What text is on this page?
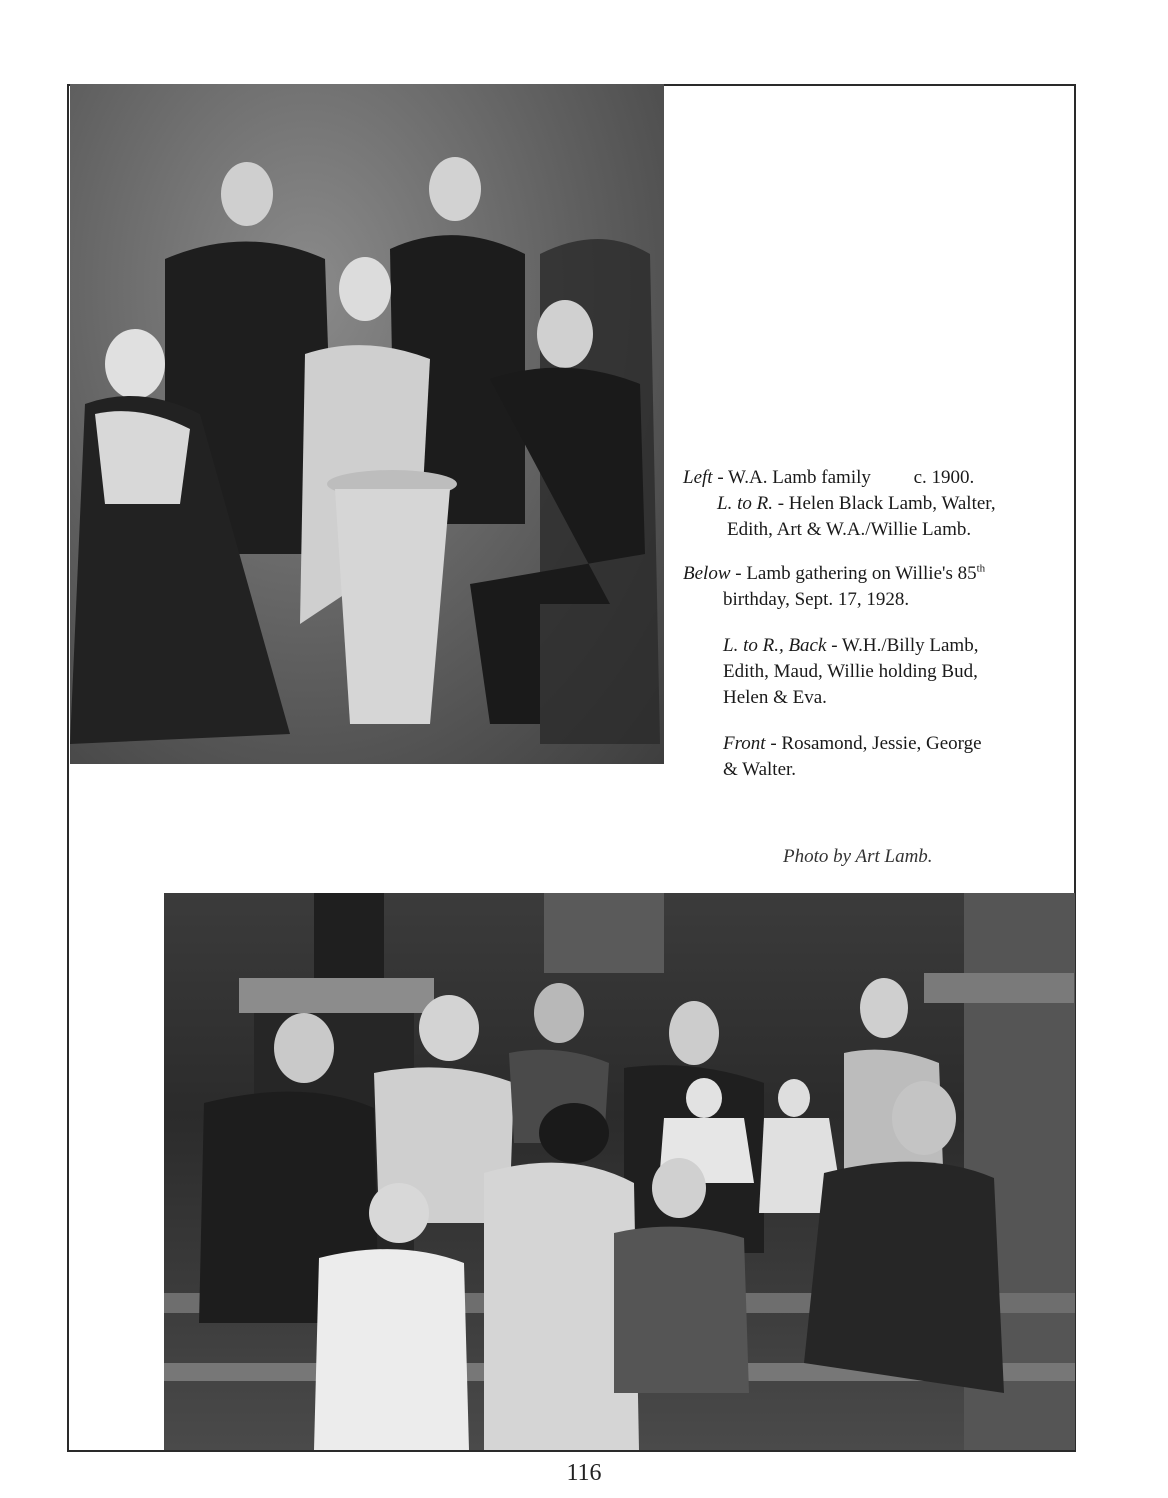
Left - W.A. Lamb family c. 1900.

L. to R. - Helen Black Lamb, Walter,

Edith, Art & W.A./Willie Lamb.

Below - Lamb gathering on Willie's 85th

birthday, Sept. 17, 1928.

L. to R., Back - W.H./Billy Lamb,

Edith, Maud, Willie holding Bud,

Helen & Eva.

Front - Rosamond, Jessie, George

& Walter.

Photo by Art Lamb.
116
